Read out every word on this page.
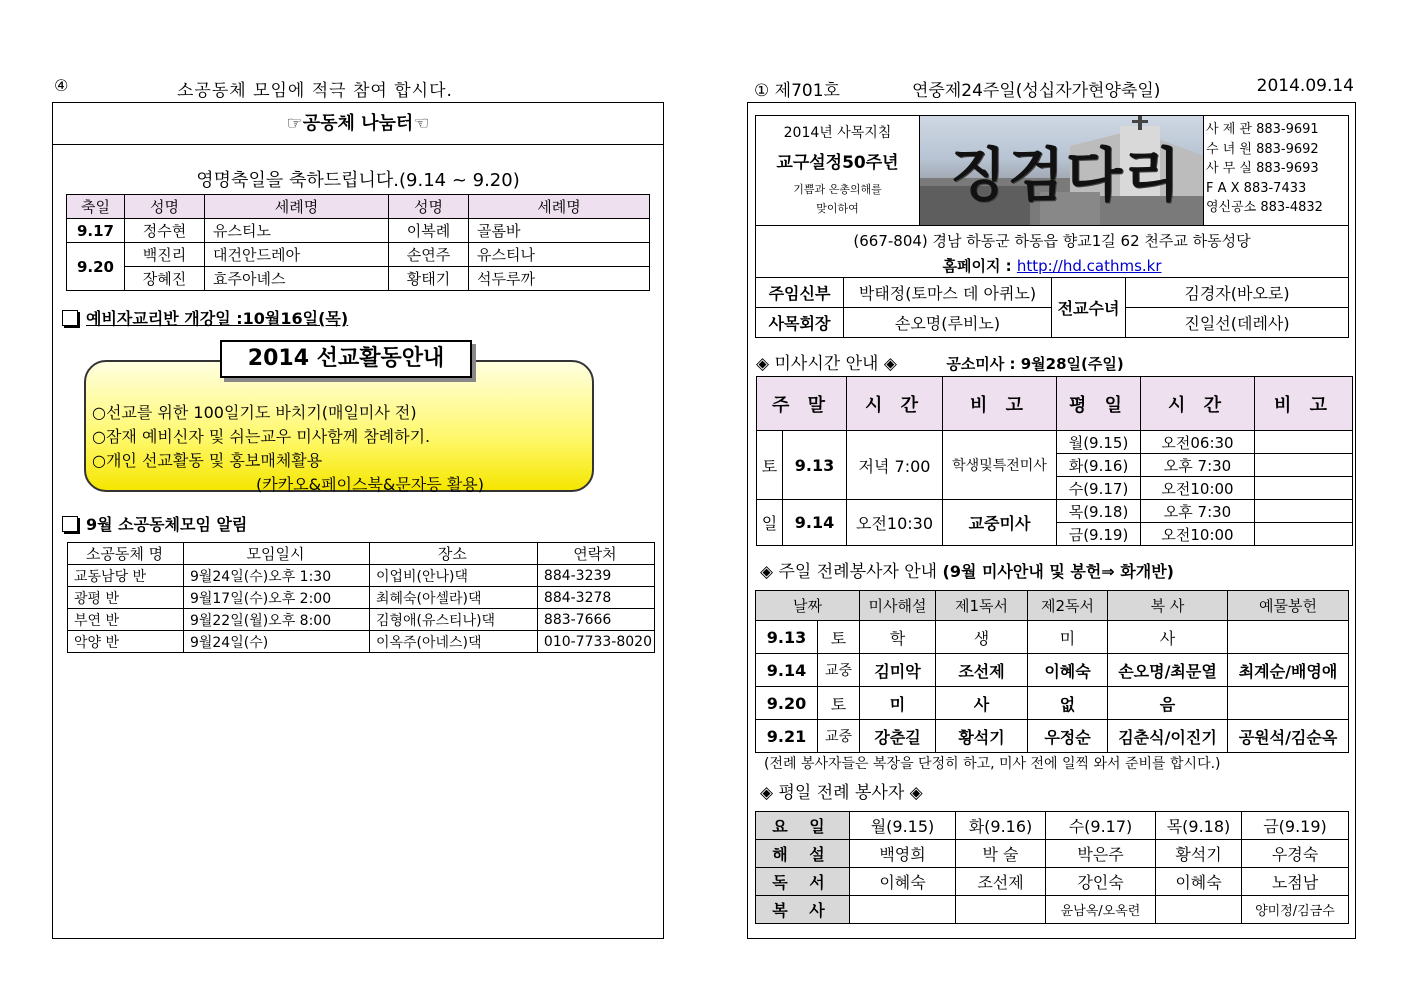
④	소공동체 모임에 적극 참여 합시다.
☞공동체 나눔터☜
영명축일을 축하드립니다.(9.14 ~ 9.20)
축일	성명	세례명	성명	세례명
9.17	정수현	유스티노	이복례	골롬바
9.20	백진리	대건안드레아	손연주	유스티나
	장혜진	효주아녜스	황태기	석두루까
예비자교리반 개강일 :10월16일(목)
○선교를 위한 100일기도 바치기(매일미사 전)
○잠재 예비신자 및 쉬는교우 미사함께 참례하기.
○개인 선교활동 및 홍보매체활용
(카카오&페이스북&문자등 활용)
2014 선교활동안내
9월 소공동체모임 알림
소공동체 명	모임일시	장소	연락처
교동남당 반	9월24일(수)오후 1:30	이업비(안나)댁	884-3239
광평 반	9월17일(수)오후 2:00	최혜숙(아셀라)댁	884-3278
부연 반	9월22일(월)오후 8:00	김형애(유스티나)댁	883-7666
악양 반	9월24일(수)	이옥주(아네스)댁	010-7733-8020
① 제701호	연중제24주일(성십자가현양축일)	2014.09.14
2014년 사목지침
교구설정50주년
기쁨과 은총의해를
맞이하여	징검다리
사 제 관 883-9691
수 녀 원 883-9692
사 무 실 883-9693
F A X 883-7433
영신공소 883-4832
(667-804) 경남 하동군 하동읍 향교1길 62 천주교 하동성당
홈페이지 : http://hd.cathms.kr
주임신부	박태정(토마스 데 아퀴노)	전교수녀	김경자(바오로)
사목회장	손오명(루비노)		진일선(데레사)
◈ 미사시간 안내 ◈	공소미사 : 9월28일(주일)
주 말		시 간	비 고	평 일	시 간	비 고
토	9.13	저녁 7:00	학생및특전미사	월(9.15)	오전06:30	
				화(9.16)	오후 7:30	
				수(9.17)	오전10:00	
일	9.14	오전10:30	교중미사	목(9.18)	오후 7:30	
				금(9.19)	오전10:00	
◈ 주일 전례봉사자 안내 (9월 미사안내 및 봉헌⇒ 화개반)
날짜		미사해설	제1독서	제2독서	복 사	예물봉헌
9.13	토	학	생	미	사	
9.14	교중	김미악	조선제	이혜숙	손오명/최문열	최계순/배영애
9.20	토	미	사	없	음	
9.21	교중	강춘길	황석기	우정순	김춘식/이진기	공원석/김순옥
(전례 봉사자들은 복장을 단정히 하고, 미사 전에 일찍 와서 준비를 합시다.)
◈ 평일 전례 봉사자 ◈
요 일	월(9.15)	화(9.16)	수(9.17)	목(9.18)	금(9.19)
해 설	백영희	박 술	박은주	황석기	우경숙
독 서	이혜숙	조선제	강인숙	이혜숙	노점남
복 사			윤남옥/오옥련		양미정/김금수
